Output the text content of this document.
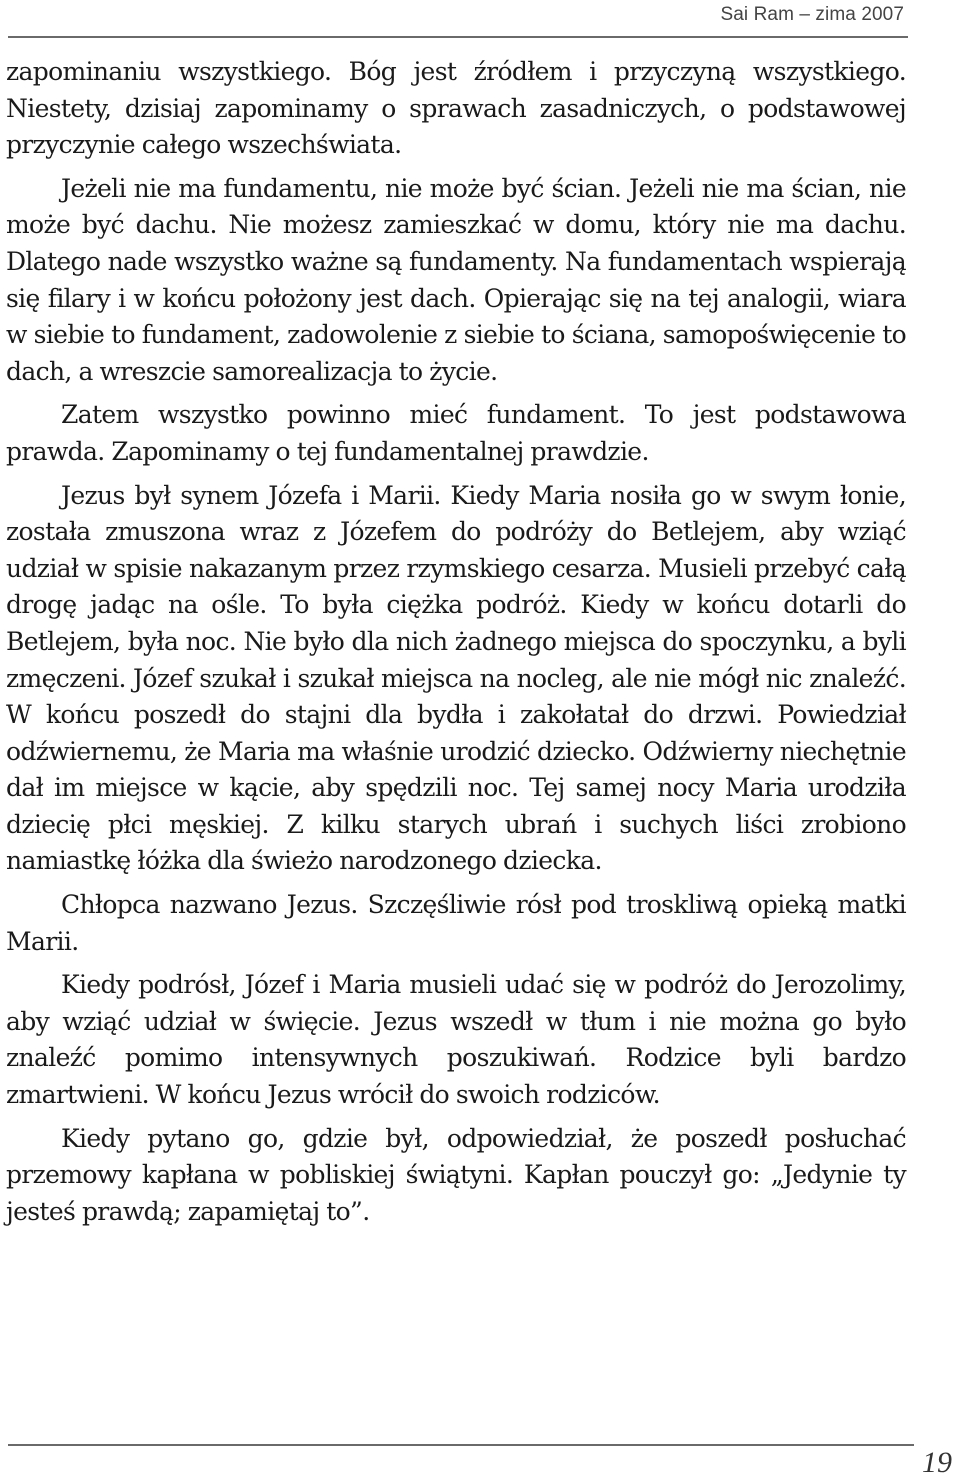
Sai Ram – zima 2007

zapominaniu wszystkiego. Bóg jest źródłem i przyczyną wszystkiego. Niestety, dzisiaj zapominamy o sprawach zasadniczych, o podstawowej przyczynie całego wszechświata.

Jeżeli nie ma fundamentu, nie może być ścian. Jeżeli nie ma ścian, nie może być dachu. Nie możesz zamieszkać w domu, który nie ma dachu. Dlatego nade wszystko ważne są fundamenty. Na fundamentach wspierają się filary i w końcu położony jest dach. Opierając się na tej analogii, wiara w siebie to fundament, zadowolenie z siebie to ściana, samopoświęcenie to dach, a wreszcie samorealizacja to życie.

Zatem wszystko powinno mieć fundament. To jest podstawowa prawda. Zapominamy o tej fundamentalnej prawdzie.

Jezus był synem Józefa i Marii. Kiedy Maria nosiła go w swym łonie, została zmuszona wraz z Józefem do podróży do Betlejem, aby wziąć udział w spisie nakazanym przez rzymskiego cesarza. Musieli przebyć całą drogę jadąc na ośle. To była ciężka podróż. Kiedy w końcu dotarli do Betlejem, była noc. Nie było dla nich żadnego miejsca do spoczynku, a byli zmęczeni. Józef szukał i szukał miejsca na nocleg, ale nie mógł nic znaleźć. W końcu poszedł do stajni dla bydła i zakołatał do drzwi. Powiedział odźwiernemu, że Maria ma właśnie urodzić dziecko. Odźwierny niechętnie dał im miejsce w kącie, aby spędzili noc. Tej samej nocy Maria urodziła dziecię płci męskiej. Z kilku starych ubrań i suchych liści zrobiono namiastkę łóżka dla świeżo narodzonego dziecka.

Chłopca nazwano Jezus. Szczęśliwie rósł pod troskliwą opieką matki Marii.

Kiedy podrósł, Józef i Maria musieli udać się w podróż do Jerozolimy, aby wziąć udział w święcie. Jezus wszedł w tłum i nie można go było znaleźć pomimo intensywnych poszukiwań. Rodzice byli bardzo zmartwieni. W końcu Jezus wrócił do swoich rodziców.

Kiedy pytano go, gdzie był, odpowiedział, że poszedł posłuchać przemowy kapłana w pobliskiej świątyni. Kapłan pouczył go: „Jedynie ty jesteś prawdą; zapamiętaj to”.

19
